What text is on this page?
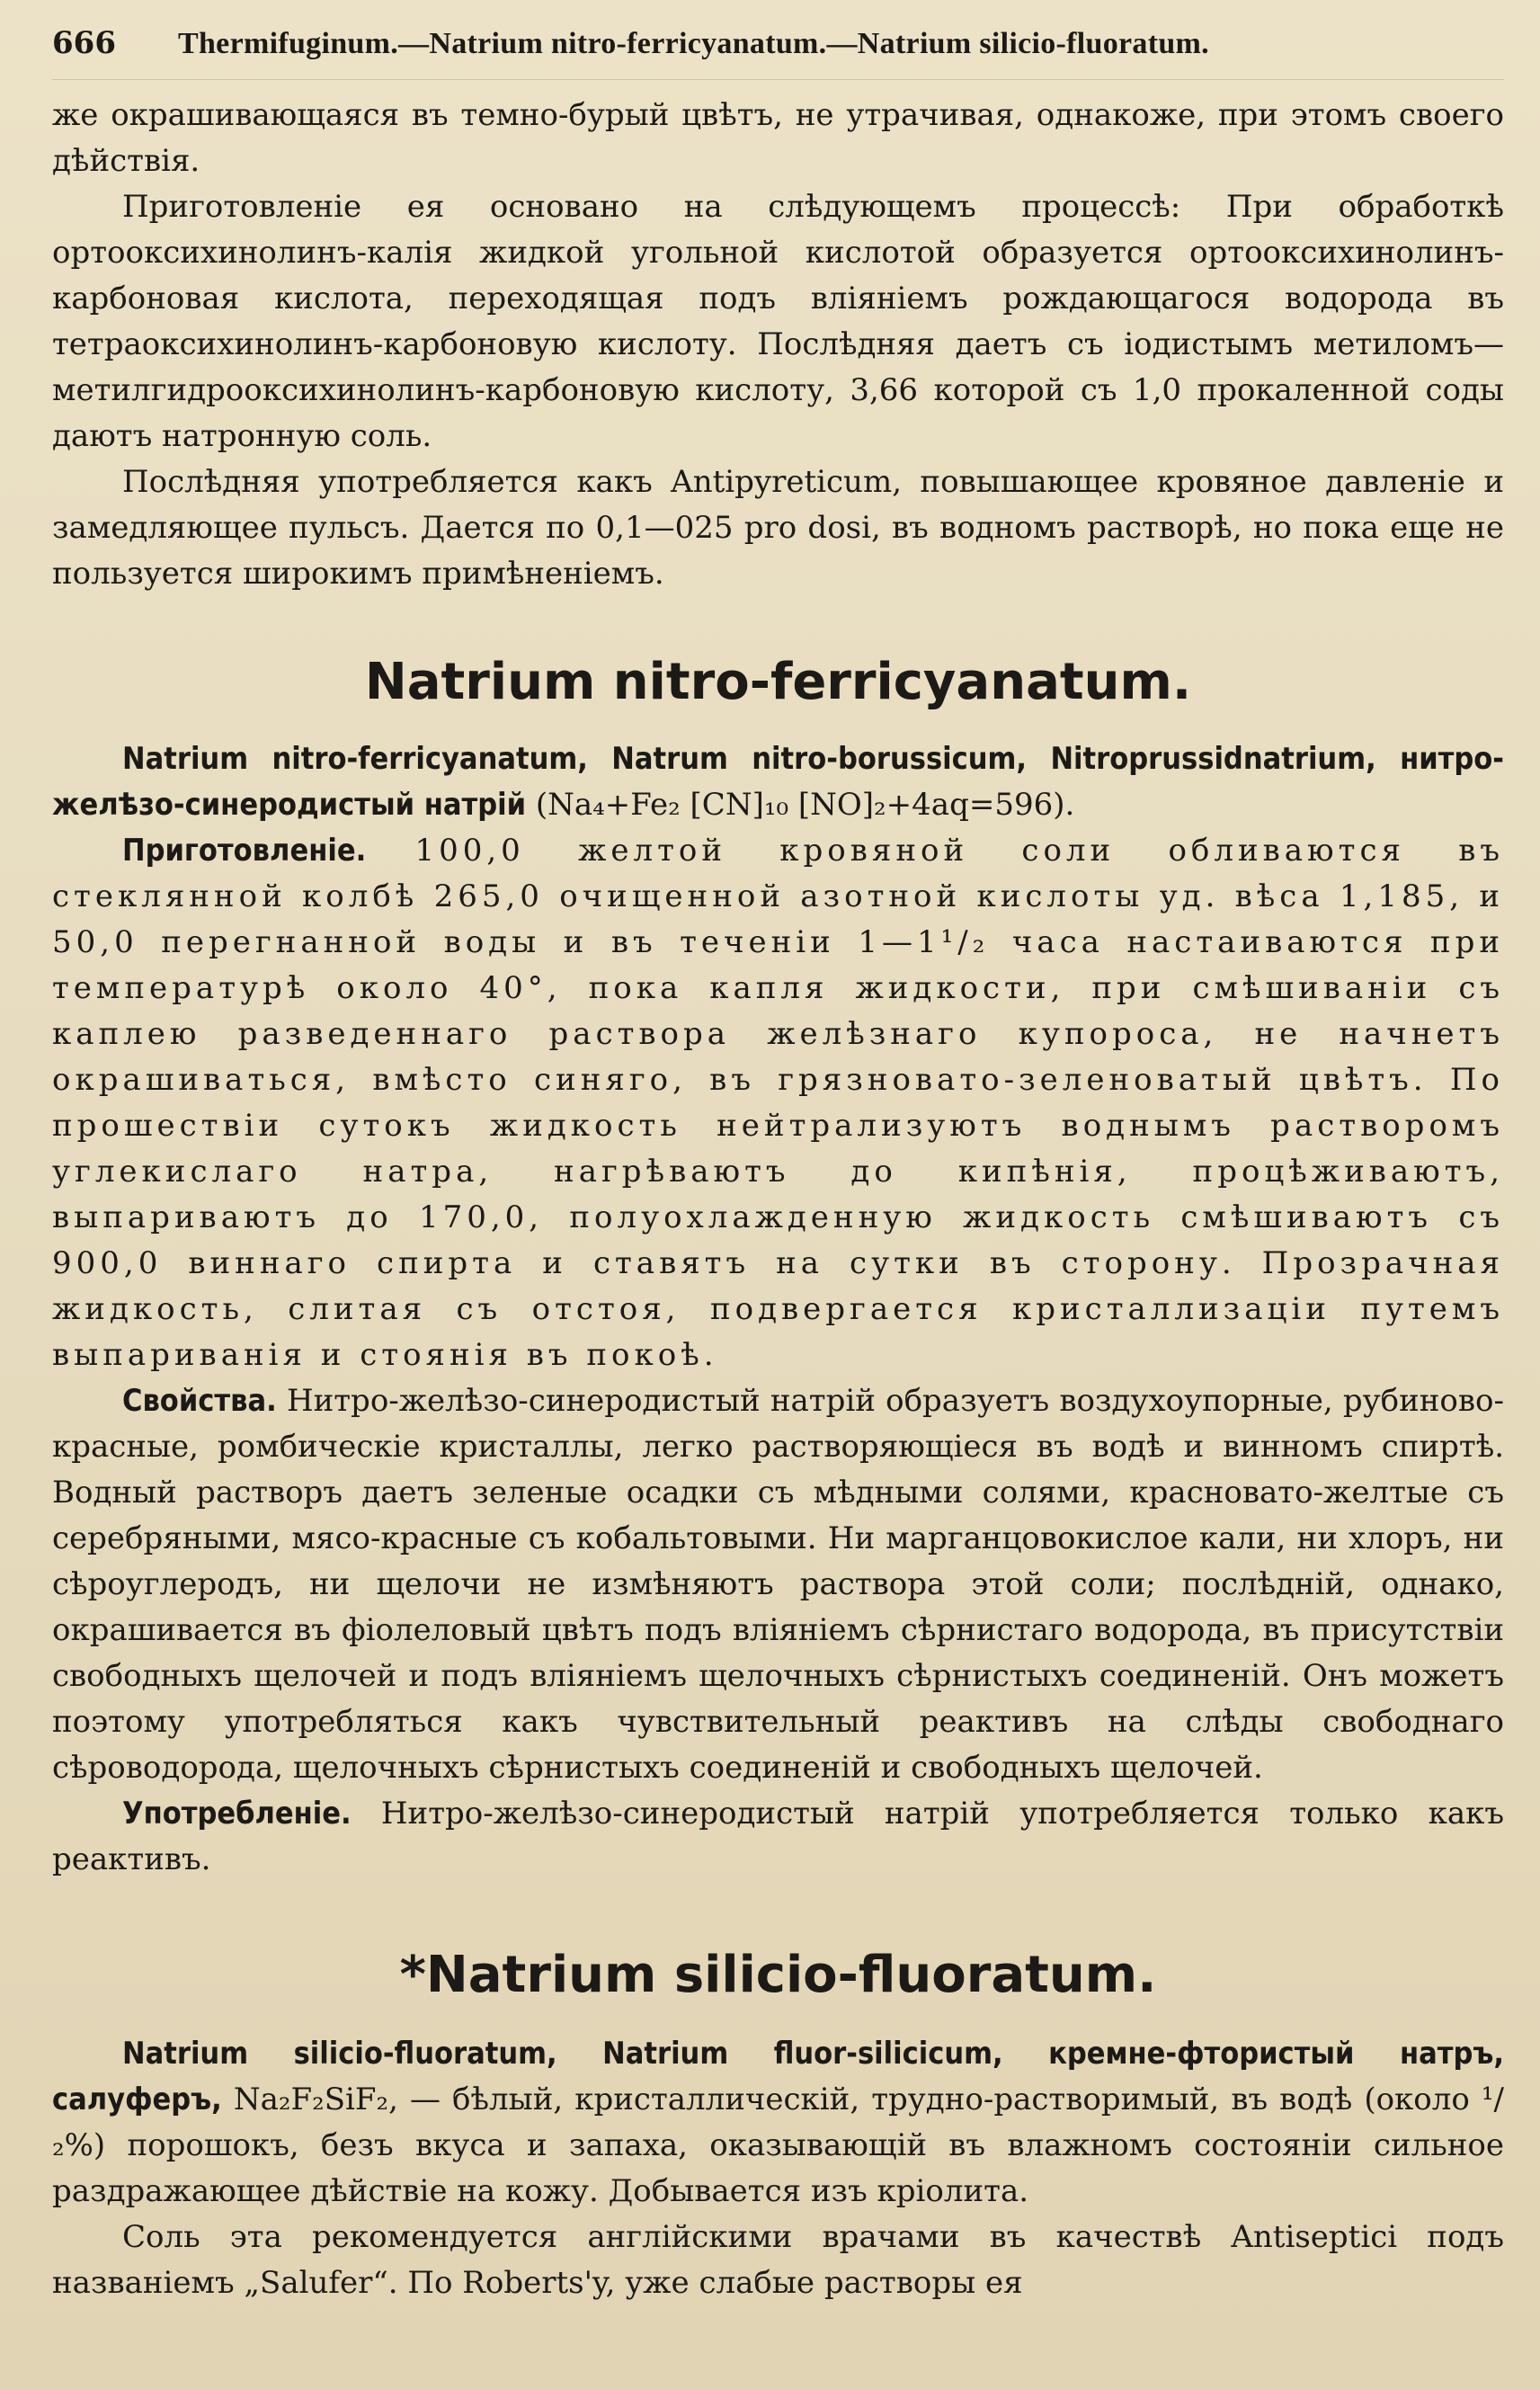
666	Thermifuginum.—Natrium nitro-ferricyanatum.—Natrium silicio-fluoratum.

же окрашивающаяся въ темно-бурый цвѣтъ, не утрачивая, однакоже, при этомъ своего дѣйствія.

Приготовленіе ея основано на слѣдующемъ процессѣ: При обработкѣ ортооксихинолинъ-калія жидкой угольной кислотой образуется ортооксихинолинъ-карбоновая кислота, переходящая подъ вліяніемъ рождающагося водорода въ тетраоксихинолинъ-карбоновую кислоту. Послѣдняя даетъ съ іодистымъ метиломъ—метилгидрооксихинолинъ-карбоновую кислоту, 3,66 которой съ 1,0 прокаленной соды даютъ натронную соль.

Послѣдняя употребляется какъ Antipyreticum, повышающее кровяное давленіе и замедляющее пульсъ. Дается по 0,1—025 pro dosi, въ водномъ растворѣ, но пока еще не пользуется широкимъ примѣненіемъ.

Natrium nitro-ferricyanatum.

Natrium nitro-ferricyanatum, Natrum nitro-borussicum, Nitroprussidnatrium, нитро-желѣзо-синеродистый натрій (Na₄+Fe₂ [CN]₁₀ [NO]₂+4aq=596).

Приготовленіе. 100,0 желтой кровяной соли обливаются въ стеклянной колбѣ 265,0 очищенной азотной кислоты уд. вѣса 1,185, и 50,0 перегнанной воды и въ теченіи 1—1¹/₂ часа настаиваются при температурѣ около 40°, пока капля жидкости, при смѣшиваніи съ каплею разведеннаго раствора желѣзнаго купороса, не начнетъ окрашиваться, вмѣсто синяго, въ грязновато-зеленоватый цвѣтъ. По прошествіи сутокъ жидкость нейтрализуютъ воднымъ растворомъ углекислаго натра, нагрѣваютъ до кипѣнія, процѣживаютъ, выпариваютъ до 170,0, полуохлажденную жидкость смѣшиваютъ съ 900,0 виннаго спирта и ставятъ на сутки въ сторону. Прозрачная жидкость, слитая съ отстоя, подвергается кристаллизаціи путемъ выпариванія и стоянія въ покоѣ.

Свойства. Нитро-желѣзо-синеродистый натрій образуетъ воздухоупорные, рубиново-красные, ромбическіе кристаллы, легко растворяющіеся въ водѣ и винномъ спиртѣ. Водный растворъ даетъ зеленые осадки съ мѣдными солями, красновато-желтые съ серебряными, мясо-красные съ кобальтовыми. Ни марганцовокислое кали, ни хлоръ, ни сѣроуглеродъ, ни щелочи не измѣняютъ раствора этой соли; послѣдній, однако, окрашивается въ фіолеловый цвѣтъ подъ вліяніемъ сѣрнистаго водорода, въ присутствіи свободныхъ щелочей и подъ вліяніемъ щелочныхъ сѣрнистыхъ соединеній. Онъ можетъ поэтому употребляться какъ чувствительный реактивъ на слѣды свободнаго сѣроводорода, щелочныхъ сѣрнистыхъ соединеній и свободныхъ щелочей.

Употребленіе. Нитро-желѣзо-синеродистый натрій употребляется только какъ реактивъ.

*Natrium silicio-fluoratum.

Natrium silicio-fluoratum, Natrium fluor-silicicum, кремне-фтористый натръ, салуферъ, Na₂F₂SiF₂, — бѣлый, кристаллическій, трудно-растворимый, въ водѣ (около ¹/₂%) порошокъ, безъ вкуса и запаха, оказывающій въ влажномъ состояніи сильное раздражающее дѣйствіе на кожу. Добывается изъ кріолита.

Соль эта рекомендуется англійскими врачами въ качествѣ Antiseptici подъ названіемъ „Salufer“. По Roberts'y, уже слабые растворы ея
